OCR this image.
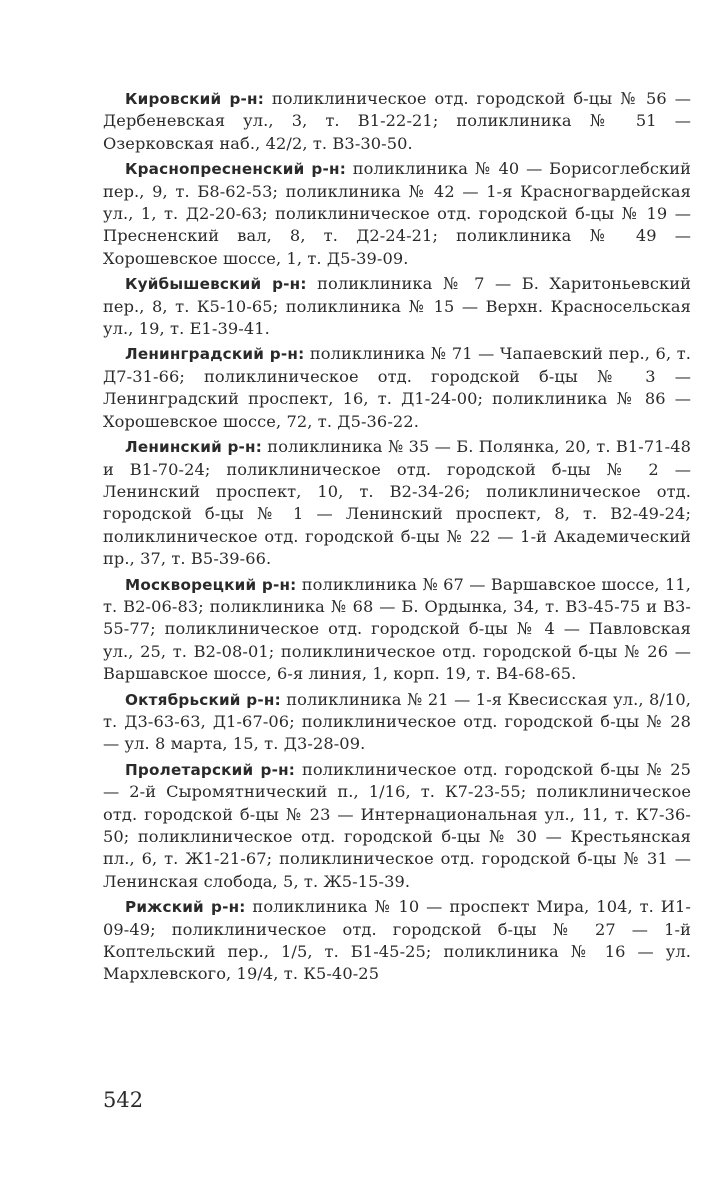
Кировский р-н: поликлиническое отд. городской б-цы № 56 — Дербеневская ул., 3, т. В1-22-21; поликлиника № 51 — Озерковская наб., 42/2, т. В3-30-50.

Краснопресненский р-н: поликлиника № 40 — Борисоглебский пер., 9, т. Б8-62-53; поликлиника № 42 — 1-я Красногвардейская ул., 1, т. Д2-20-63; поликлиническое отд. городской б-цы № 19 — Пресненский вал, 8, т. Д2-24-21; поликлиника № 49 — Хорошевское шоссе, 1, т. Д5-39-09.

Куйбышевский р-н: поликлиника № 7 — Б. Харитоньевский пер., 8, т. К5-10-65; поликлиника № 15 — Верхн. Красносельская ул., 19, т. Е1-39-41.

Ленинградский р-н: поликлиника № 71 — Чапаевский пер., 6, т. Д7-31-66; поликлиническое отд. городской б-цы № 3 — Ленинградский проспект, 16, т. Д1-24-00; поликлиника № 86 — Хорошевское шоссе, 72, т. Д5-36-22.

Ленинский р-н: поликлиника № 35 — Б. Полянка, 20, т. В1-71-48 и В1-70-24; поликлиническое отд. городской б-цы № 2 — Ленинский проспект, 10, т. В2-34-26; поликлиническое отд. городской б-цы № 1 — Ленинский проспект, 8, т. В2-49-24; поликлиническое отд. городской б-цы № 22 — 1-й Академический пр., 37, т. В5-39-66.

Москворецкий р-н: поликлиника № 67 — Варшавское шоссе, 11, т. В2-06-83; поликлиника № 68 — Б. Ордынка, 34, т. В3-45-75 и В3-55-77; поликлиническое отд. городской б-цы № 4 — Павловская ул., 25, т. В2-08-01; поликлиническое отд. городской б-цы № 26 — Варшавское шоссе, 6-я линия, 1, корп. 19, т. В4-68-65.

Октябрьский р-н: поликлиника № 21 — 1-я Квесисская ул., 8/10, т. Д3-63-63, Д1-67-06; поликлиническое отд. городской б-цы № 28 — ул. 8 марта, 15, т. Д3-28-09.

Пролетарский р-н: поликлиническое отд. городской б-цы № 25 — 2-й Сыромятнический п., 1/16, т. К7-23-55; поликлиническое отд. городской б-цы № 23 — Интернациональная ул., 11, т. К7-36-50; поликлиническое отд. городской б-цы № 30 — Крестьянская пл., 6, т. Ж1-21-67; поликлиническое отд. городской б-цы № 31 — Ленинская слобода, 5, т. Ж5-15-39.

Рижский р-н: поликлиника № 10 — проспект Мира, 104, т. И1-09-49; поликлиническое отд. городской б-цы № 27 — 1-й Коптельский пер., 1/5, т. Б1-45-25; поликлиника № 16 — ул. Мархлевского, 19/4, т. К5-40-25

542
